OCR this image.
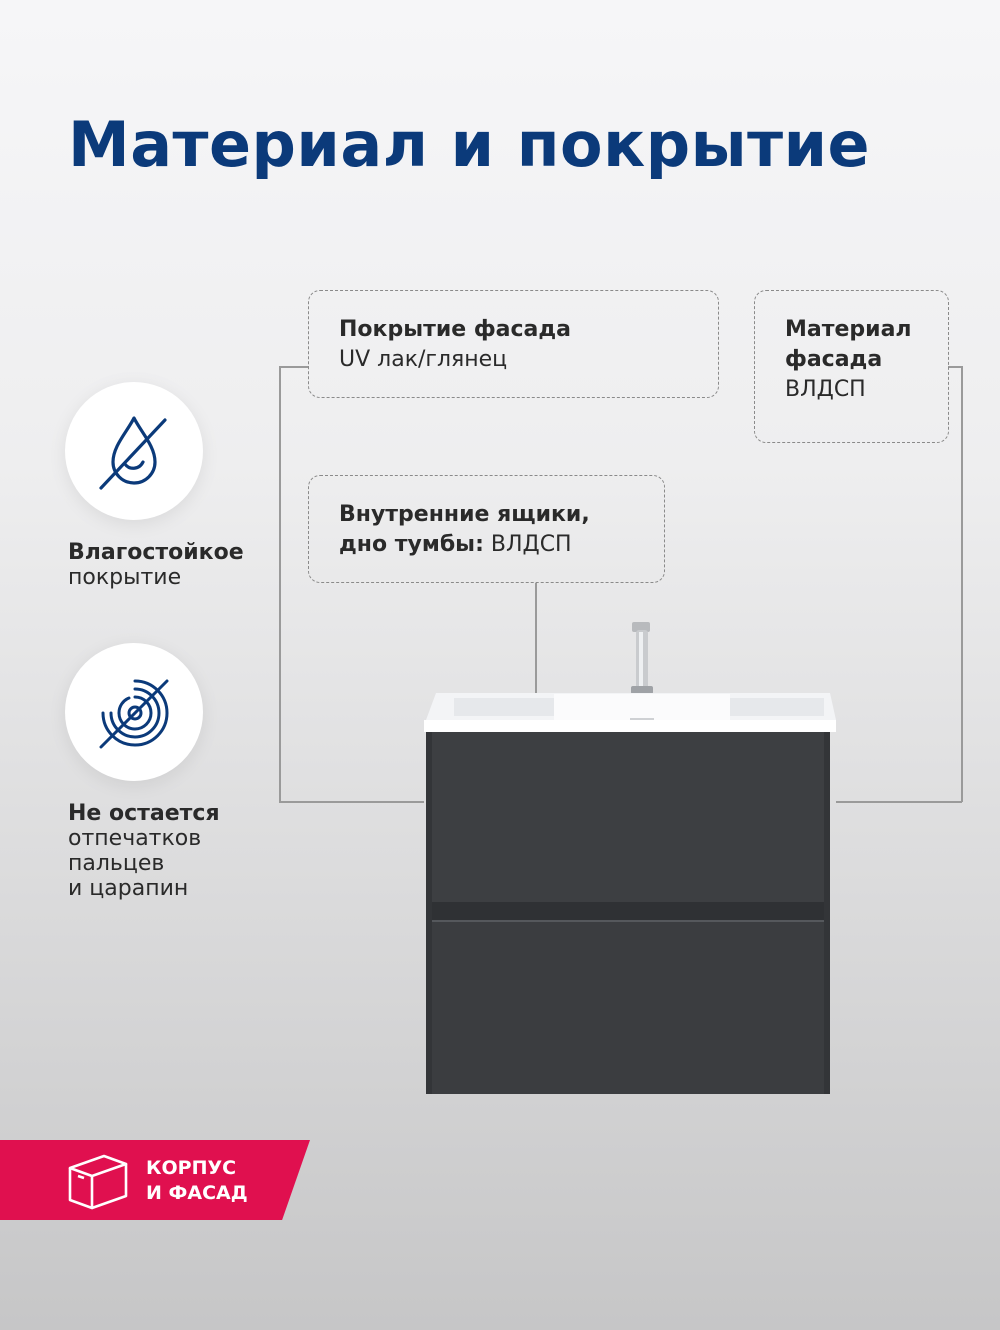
Материал и покрытие
Покрытие фасада
UV лак/глянец
Материал
фасада
ВЛДСП
Внутренние ящики,
дно тумбы: ВЛДСП
Влагостойкое
покрытие
Не остается
отпечатков
пальцев
и царапин
КОРПУС
И ФАСАД
